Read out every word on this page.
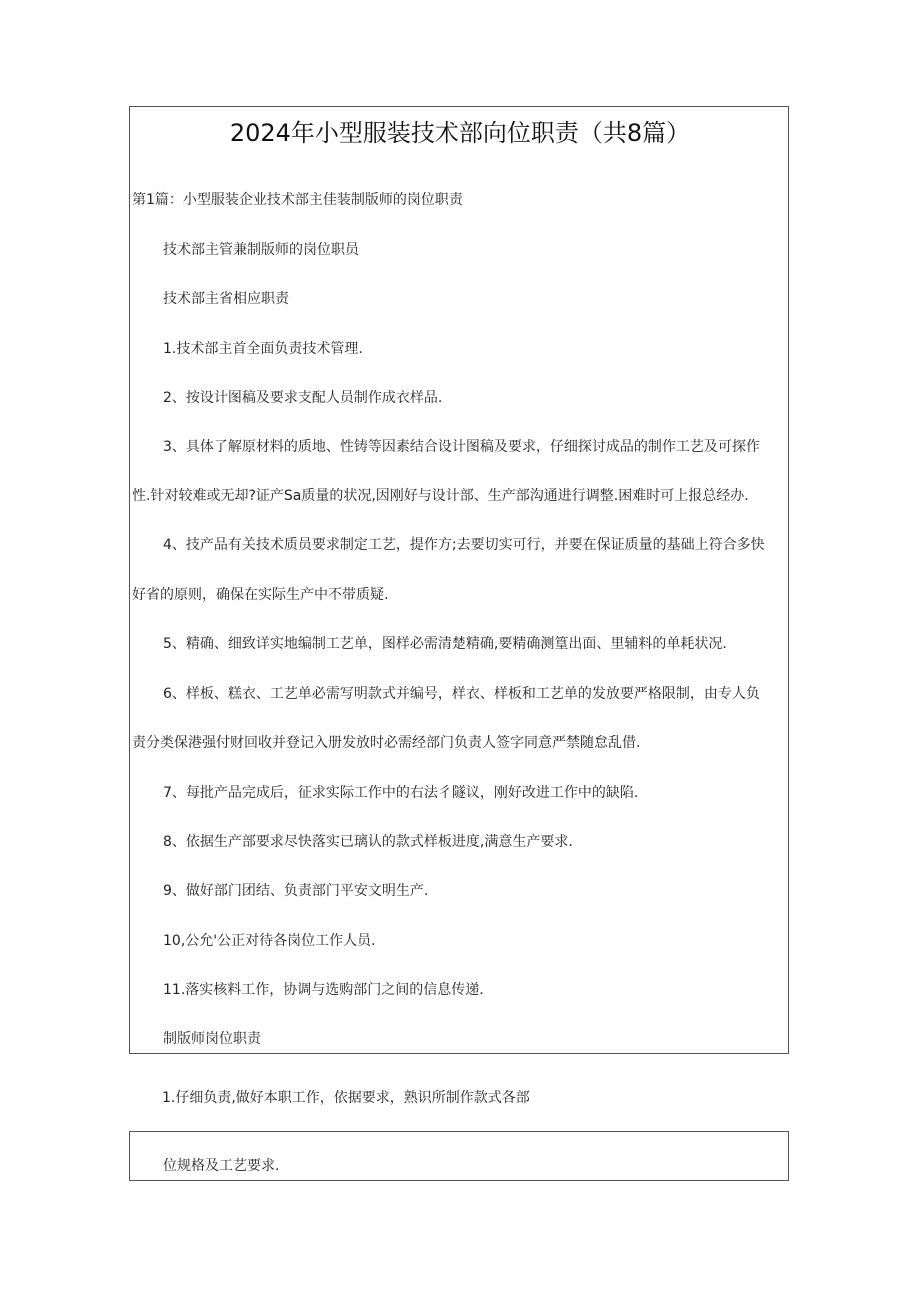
2024年小型服装技术部向位职责（共8篇）
第1篇：小型服装企业技术部主佳装制版师的岗位职责
技术部主管兼制版师的岗位职员
技术部主省相应职责
1.技术部主首全面负责技术管理.
2、按设计图稿及要求支配人员制作成衣样品.
3、具体了解原材料的质地、性铸等因素结合设计图稿及要求，仔细探讨成品的制作工艺及可探作
性.针对较难或无却?证产Sa质量的状况,因刚好与设计部、生产部沟通进行调整.困难时可上报总经办.
4、技产品有关技术质员要求制定工艺，提作方;去要切实可行，并要在保证质量的基础上符合多快
好省的原则，确保在实际生产中不带质疑.
5、精确、细致详实地编制工艺单，图样必需清楚精确,要精确测篁出面、里辅料的单耗状况.
6、样板、糕衣、工艺单必需写明款式并编号，样衣、样板和工艺单的发放要严格限制，由专人负
责分类保港强付财回收并登记入册发放时必需经部门负责人签字同意严禁随怠乱借.
7、每批产品完成后，征求实际工作中的右法彳隧议，刚好改进工作中的缺陷.
8、依据生产部要求尽快落实已璃认的款式样板进度,满意生产要求.
9、做好部门团结、负责部门平安文明生产.
10,公允'公正对待各岗位工作人员.
11.落实核料工作，协调与选购部门之间的信息传递.
制版师岗位职责
1.仔细负责,做好本职工作，依据要求，熟识所制作款式各部
位规格及工艺要求.
